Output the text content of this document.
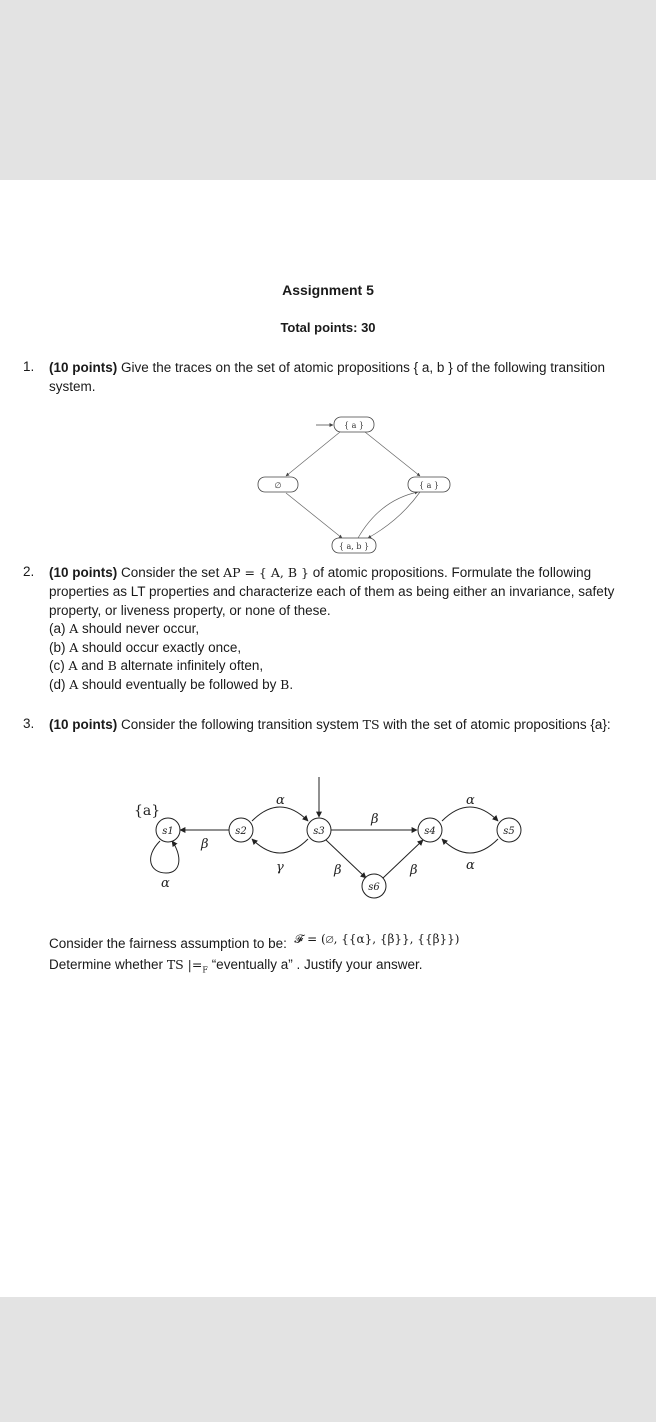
Assignment 5
Total points: 30
1. (10 points) Give the traces on the set of atomic propositions { a, b } of the following transition system.
{ a }
∅	{ a }
{ a, b }
2. (10 points) Consider the set AP = { A, B } of atomic propositions. Formulate the following properties as LT properties and characterize each of them as being either an invariance, safety property, or liveness property, or none of these.
(a) A should never occur,
(b) A should occur exactly once,
(c) A and B alternate infinitely often,
(d) A should eventually be followed by B.
3. (10 points) Consider the following transition system TS with the set of atomic propositions {a}:
{a}
β
α
γ
β
β	β
α
α
α
s1	s2	s3	s4	s5
s6
Consider the fairness assumption to be: 𝓕 = (∅, {{α}, {β}}, {{β}})
Determine whether TS $|=_F$ “eventually a” . Justify your answer.
